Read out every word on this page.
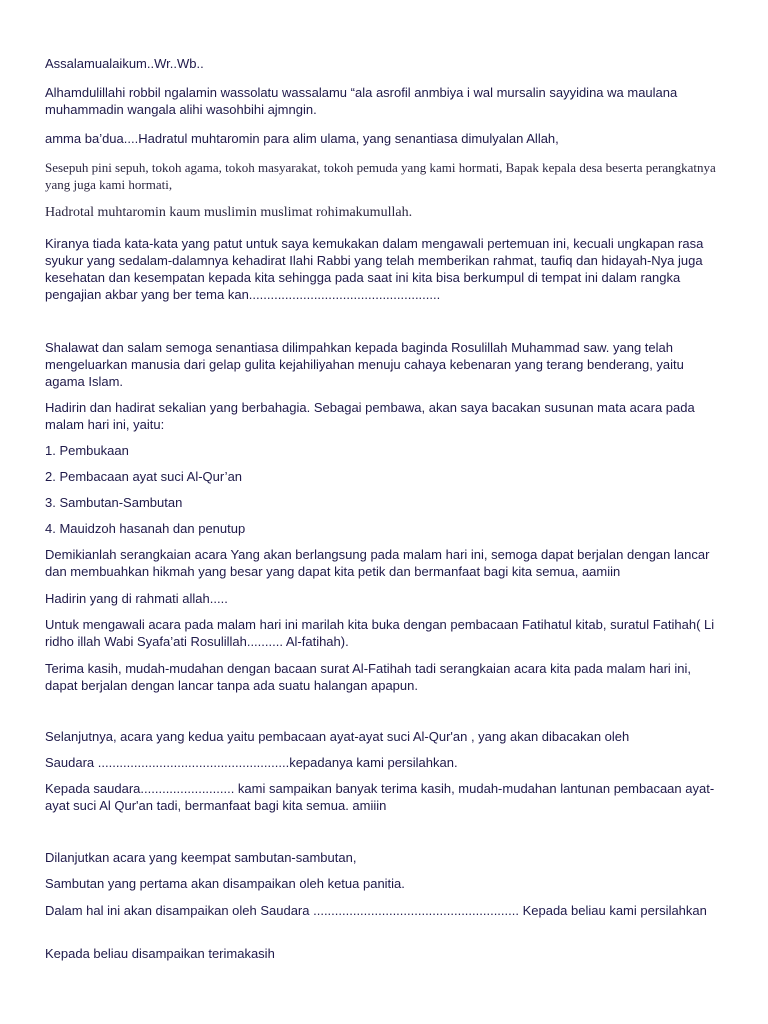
Assalamualaikum..Wr..Wb..

Alhamdulillahi robbil ngalamin wassolatu wassalamu “ala asrofil anmbiya i wal mursalin sayyidina wa maulana muhammadin wangala alihi wasohbihi ajmngin.

amma ba’dua....Hadratul muhtaromin para alim ulama, yang senantiasa dimulyalan Allah,

Sesepuh pini sepuh, tokoh agama, tokoh masyarakat, tokoh pemuda yang kami hormati, Bapak kepala desa beserta perangkatnya yang juga kami hormati,

Hadrotal muhtaromin kaum muslimin muslimat rohimakumullah.

Kiranya tiada kata-kata yang patut untuk saya kemukakan dalam mengawali pertemuan ini, kecuali ungkapan rasa syukur yang sedalam-dalamnya kehadirat Ilahi Rabbi yang telah memberikan rahmat, taufiq dan hidayah-Nya juga kesehatan dan kesempatan kepada kita sehingga pada saat ini kita bisa berkumpul di tempat ini dalam rangka pengajian akbar yang ber tema kan.....................................................

Shalawat dan salam semoga senantiasa dilimpahkan kepada baginda Rosulillah Muhammad saw. yang telah mengeluarkan manusia dari gelap gulita kejahiliyahan menuju cahaya kebenaran yang terang benderang, yaitu agama Islam.

Hadirin dan hadirat sekalian yang berbahagia. Sebagai pembawa, akan saya bacakan susunan mata acara pada malam hari ini, yaitu:

1. Pembukaan

2. Pembacaan ayat suci Al-Qur’an

3. Sambutan-Sambutan

4. Mauidzoh hasanah dan penutup

Demikianlah serangkaian acara Yang akan berlangsung pada malam hari ini, semoga dapat berjalan dengan lancar dan membuahkan hikmah yang besar yang dapat kita petik dan bermanfaat bagi kita semua, aamiin

Hadirin yang di rahmati allah.....

Untuk mengawali acara pada malam hari ini marilah kita buka dengan pembacaan Fatihatul kitab, suratul Fatihah( Li ridho illah Wabi Syafa’ati Rosulillah.......... Al-fatihah).

Terima kasih, mudah-mudahan dengan bacaan surat Al-Fatihah tadi serangkaian acara kita pada malam hari ini, dapat berjalan dengan lancar tanpa ada suatu halangan apapun.

Selanjutnya, acara yang kedua yaitu pembacaan ayat-ayat suci Al-Qur'an , yang akan dibacakan oleh

Saudara .....................................................kepadanya kami persilahkan.

Kepada saudara.......................... kami sampaikan banyak terima kasih, mudah-mudahan lantunan pembacaan ayat-ayat suci Al Qur'an tadi, bermanfaat bagi kita semua. amiiin

Dilanjutkan acara yang keempat sambutan-sambutan,

Sambutan yang pertama akan disampaikan oleh ketua panitia.

Dalam hal ini akan disampaikan oleh Saudara ......................................................... Kepada beliau kami persilahkan

Kepada beliau disampaikan terimakasih
